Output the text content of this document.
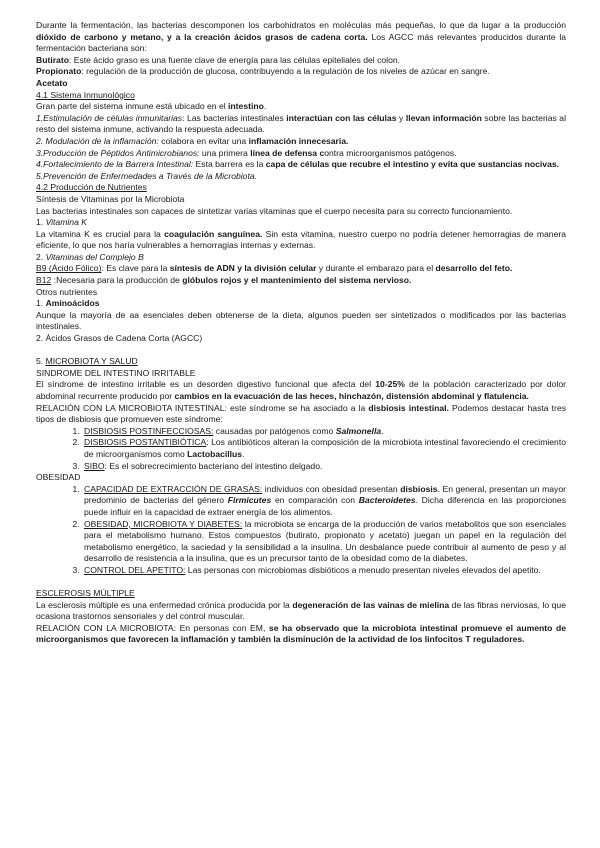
Durante la fermentación, las bacterias descomponen los carbohidratos en moléculas más pequeñas, lo que da lugar a la producción dióxido de carbono y metano, y a la creación ácidos grasos de cadena corta. Los AGCC más relevantes producidos durante la fermentación bacteriana son:

Butirato: Este ácido graso es una fuente clave de energía para las células epiteliales del colon.

Propionato: regulación de la producción de glucosa, contribuyendo a la regulación de los niveles de azúcar en sangre.

Acetato

4.1 Sistema Inmunológico

Gran parte del sistema inmune está ubicado en el intestino.

1.Estimulación de células inmunitarias: Las bacterias intestinales interactúan con las células y llevan información sobre las bacterias al resto del sistema inmune, activando la respuesta adecuada.

2. Modulación de la inflamación: colabora en evitar una inflamación innecesaria.

3.Producción de Péptidos Antimicrobianos: una primera línea de defensa contra microorganismos patógenos.

4.Fortalecimiento de la Barrera Intestinal: Esta barrera es la capa de células que recubre el intestino y evita que sustancias nocivas.

5.Prevención de Enfermedades a Través de la Microbiota.

4.2 Producción de Nutrientes

Síntesis de Vitaminas por la Microbiota

Las bacterias intestinales son capaces de sintetizar varias vitaminas que el cuerpo necesita para su correcto funcionamiento.

1. Vitamina K

La vitamina K es crucial para la coagulación sanguínea. Sin esta vitamina, nuestro cuerpo no podría detener hemorragias de manera eficiente, lo que nos haría vulnerables a hemorragias internas y externas.

2. Vitaminas del Complejo B

B9 (Ácido Fólico): Es clave para la síntesis de ADN y la división celular y durante el embarazo para el desarrollo del feto.

B12 :Necesaria para la producción de glóbulos rojos y el mantenimiento del sistema nervioso.

Otros nutrientes

1. Aminoácidos

Aunque la mayoría de aa esenciales deben obtenerse de la dieta, algunos pueden ser sintetizados o modificados por las bacterias intestinales.

2. Ácidos Grasos de Cadena Corta (AGCC)

5. MICROBIOTA Y SALUD

SINDROME DEL INTESTINO IRRITABLE

El síndrome de intestino irritable es un desorden digestivo funcional que afecta del 10-25% de la población caracterizado por dolor abdominal recurrente producido por cambios en la evacuación de las heces, hinchazón, distensión abdominal y flatulencia.

RELACIÓN CON LA MICROBIOTA INTESTINAL: este síndrome se ha asociado a la disbiosis intestinal. Podemos destacar hasta tres tipos de disbiosis que promueven este síndrome:

1. DISBIOSIS POSTINFECCIOSAS: causadas por patógenos como Salmonella.
2. DISBIOSIS POSTANTIBIÓTICA: Los antibióticos alteran la composición de la microbiota intestinal favoreciendo el crecimiento de microorganismos como Lactobacillus.
3. SIBO: Es el sobrecrecimiento bacteriano del intestino delgado.

OBESIDAD

1. CAPACIDAD DE EXTRACCIÓN DE GRASAS: individuos con obesidad presentan disbiosis. En general, presentan un mayor predominio de bacterias del género Firmicutes en comparación con Bacteroidetes. Dicha diferencia en las proporciones puede influir en la capacidad de extraer energía de los alimentos.
2. OBESIDAD, MICROBIOTA Y DIABETES: la microbiota se encarga de la producción de varios metabolitos que son esenciales para el metabolismo humano. Estos compuestos (butirato, propionato y acetato) juegan un papel en la regulación del metabolismo energético, la saciedad y la sensibilidad a la insulina. Un desbalance puede contribuir al aumento de peso y al desarrollo de resistencia a la insulina, que es un precursor tanto de la obesidad como de la diabetes.
3. CONTROL DEL APETITO: Las personas con microbiomas disbióticos a menudo presentan niveles elevados del apetito.

ESCLEROSIS MÚLTIPLE

La esclerosis múltiple es una enfermedad crónica producida por la degeneración de las vainas de mielina de las fibras nerviosas, lo que ocasiona trastornos sensoriales y del control muscular.

RELACIÓN CON LA MICROBIOTA: En personas con EM, se ha observado que la microbiota intestinal promueve el aumento de microorganismos que favorecen la inflamación y también la disminución de la actividad de los linfocitos T reguladores.
